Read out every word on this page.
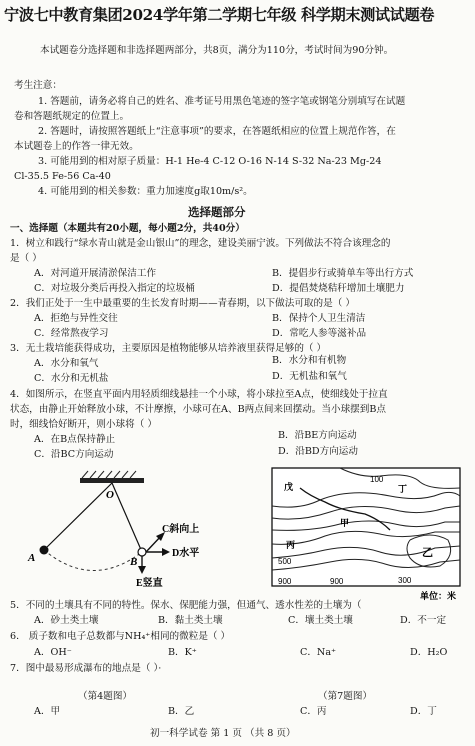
宁波七中教育集团2024学年第二学期七年级 科学期末测试试题卷
本试题卷分选择题和非选择题两部分，共8页，满分为110分，考试时间为90分钟。
考生注意：
1. 答题前，请务必将自己的姓名、准考证号用黑色笔迹的签字笔或钢笔分别填写在试题
卷和答题纸规定的位置上。
2. 答题时，请按照答题纸上“注意事项”的要求，在答题纸相应的位置上规范作答，在
本试题卷上的作答一律无效。
3. 可能用到的相对原子质量：H-1 He-4 C-12 O-16 N-14 S-32 Na-23 Mg-24
Cl-35.5 Fe-56 Ca-40
4. 可能用到的相关参数：重力加速度g取10m/s²。
选择题部分
一、选择题（本题共有20小题，每小题2分，共40分）
1．树立和践行“绿水青山就是金山银山”的理念，建设美丽宁波。下列做法不符合该理念的
是（ ）
A．对河道开展清淤保洁工作	B．提倡步行或骑单车等出行方式
C．对垃圾分类后再投入指定的垃圾桶	D．提倡焚烧秸秆增加土壤肥力
2．我们正处于一生中最重要的生长发育时期——青春期，以下做法可取的是（ ）
A．拒绝与异性交往	B．保持个人卫生清洁
C．经常熬夜学习	D．常吃人参等滋补品
3．无土栽培能获得成功，主要原因是植物能够从培养液里获得足够的（ ）
A．水分和氧气	B．水分和有机物
C．水分和无机盐	D．无机盐和氧气
4．如图所示，在竖直平面内用轻质细线悬挂一个小球，将小球拉至A点，使细线处于拉直
状态，由静止开始释放小球，不计摩擦，小球可在A、B两点间来回摆动。当小球摆到B点
时，细线恰好断开，则小球将（ ）
A．在B点保持静止	B．沿BE方向运动
C．沿BC方向运动	D．沿BD方向运动
O
A	B
C斜向上
D水平
E竖直
（第4题图）
100
戊	丁
甲
乙
丙
500
900	900	300
单位：米
（第7题图）
5．不同的土壤具有不同的特性。保水、保肥能力强，但通气、透水性差的土壤为（
A．砂土类土壤	B．黏土类土壤	C．壤土类土壤	D．不一定
6． 质子数和电子总数都与NH₄⁺相同的微粒是（ ）
A．OH⁻	B．K⁺	C．Na⁺	D．H₂O
7．图中最易形成瀑布的地点是（ ）·
A．甲	B．乙	C．丙	D．丁
初一科学试卷 第 1 页 （共 8 页）
